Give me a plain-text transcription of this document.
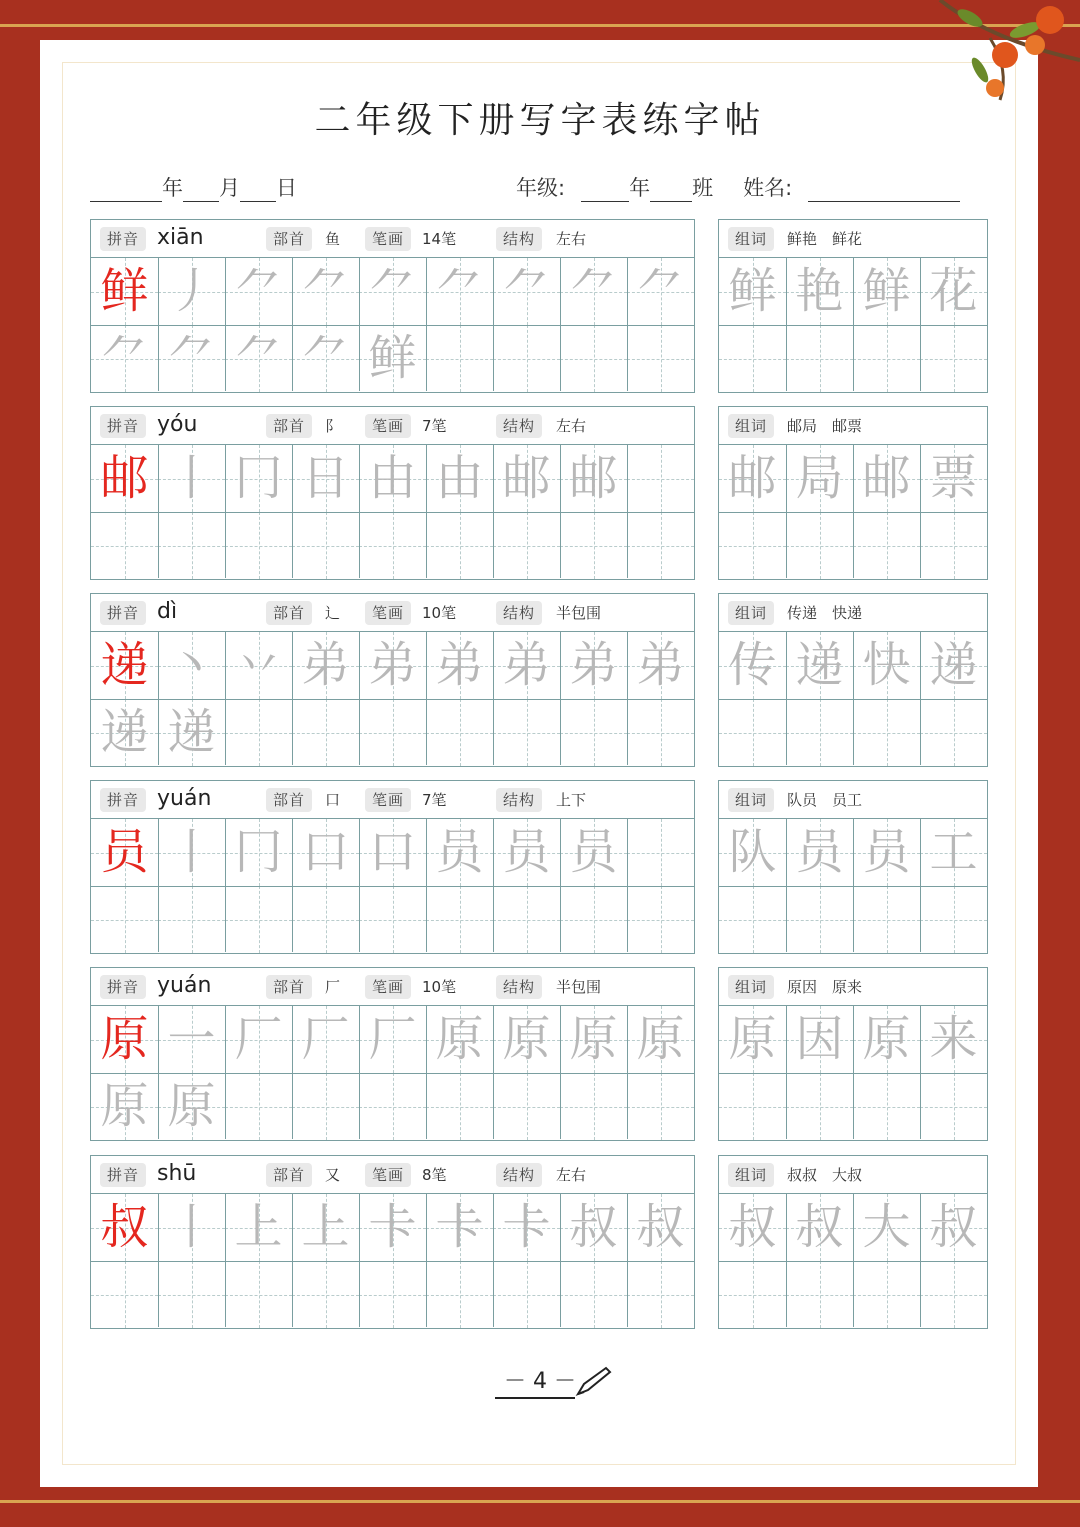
二年级下册写字表练字帖
年 月 日	年级:	年 班 姓名:
拼音 xiān	部首	鱼	笔画	14笔	结构	左右
鲜 丿 ⺈ ⺈ ⺈ ⺈ ⺈ ⺈ ⺈
⺈ ⺈ ⺈ ⺈ 鲜
组词	鲜艳　鲜花
鲜 艳 鲜 花
拼音 yóu	部首	阝	笔画	7笔	结构	左右
邮 丨 冂 日 由 由 邮 邮
组词	邮局　邮票
邮 局 邮 票
拼音 dì	部首	辶	笔画	10笔	结构	半包围
递 丶 丷 弟 弟 弟 弟 弟 弟
递 递
组词	传递　快递
传 递 快 递
拼音 yuán	部首	口	笔画	7笔	结构	上下
员 丨 冂 口 口 员 员 员
组词	队员　员工
队 员 员 工
拼音 yuán	部首	厂	笔画	10笔	结构	半包围
原 一 厂 厂 厂 原 原 原 原
原 原
组词	原因　原来
原 因 原 来
拼音 shū	部首	又	笔画	8笔	结构	左右
叔 丨 上 上 卡 卡 卡 叔 叔
组词	叔叔　大叔
叔 叔 大 叔
－ 4 －
